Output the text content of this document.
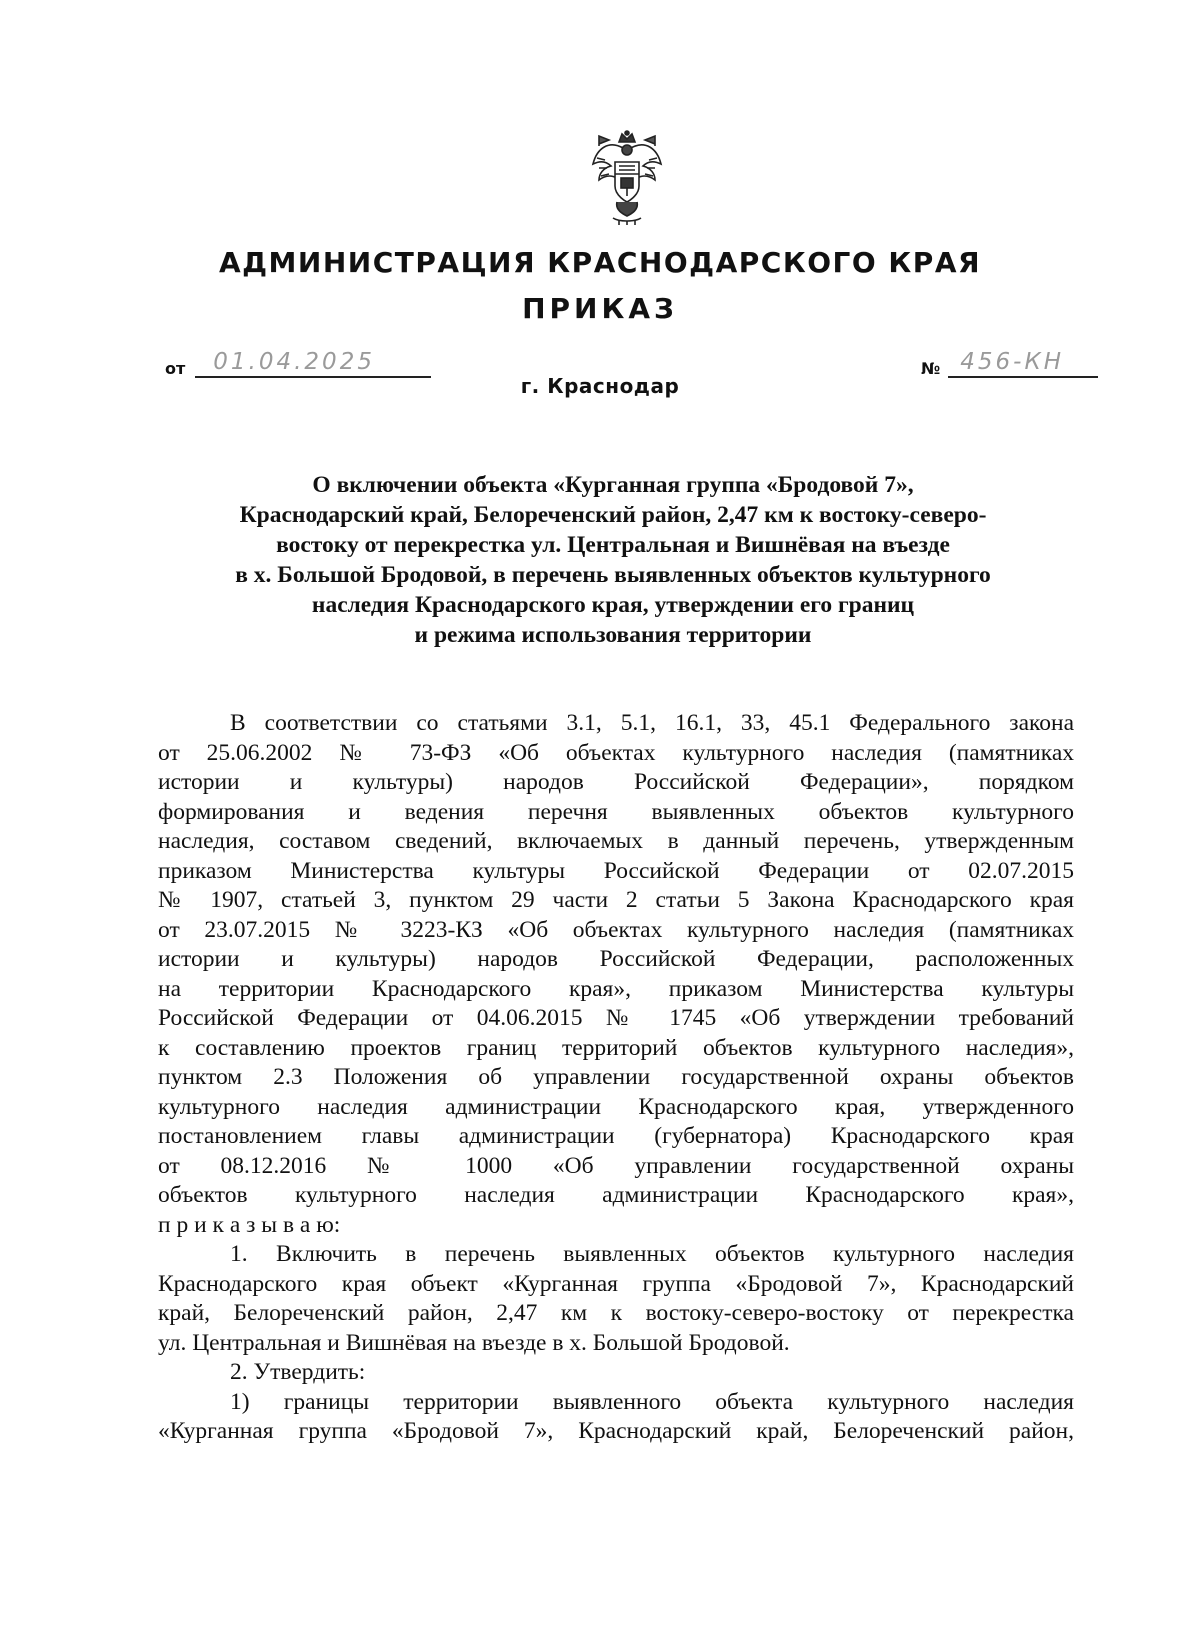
АДМИНИСТРАЦИЯ КРАСНОДАРСКОГО КРАЯ
ПРИКАЗ
от 01.04.2025	№ 456-КН
г. Краснодар
О включении объекта «Курганная группа «Бродовой 7»,
Краснодарский край, Белореченский район, 2,47 км к востоку-северо-
востоку от перекрестка ул. Центральная и Вишнёвая на въезде
в х. Большой Бродовой, в перечень выявленных объектов культурного
наследия Краснодарского края, утверждении его границ
и режима использования территории
В соответствии со статьями 3.1, 5.1, 16.1, 33, 45.1 Федерального закона
от 25.06.2002 № 73-ФЗ «Об объектах культурного наследия (памятниках
истории и культуры) народов Российской Федерации», порядком
формирования и ведения перечня выявленных объектов культурного
наследия, составом сведений, включаемых в данный перечень, утвержденным
приказом Министерства культуры Российской Федерации от 02.07.2015
№ 1907, статьей 3, пунктом 29 части 2 статьи 5 Закона Краснодарского края
от 23.07.2015 № 3223-КЗ «Об объектах культурного наследия (памятниках
истории и культуры) народов Российской Федерации, расположенных
на территории Краснодарского края», приказом Министерства культуры
Российской Федерации от 04.06.2015 № 1745 «Об утверждении требований
к составлению проектов границ территорий объектов культурного наследия»,
пунктом 2.3 Положения об управлении государственной охраны объектов
культурного наследия администрации Краснодарского края, утвержденного
постановлением главы администрации (губернатора) Краснодарского края
от 08.12.2016 № 1000 «Об управлении государственной охраны
объектов культурного наследия администрации Краснодарского края»,
п р и к а з ы в а ю:
1. Включить в перечень выявленных объектов культурного наследия
Краснодарского края объект «Курганная группа «Бродовой 7», Краснодарский
край, Белореченский район, 2,47 км к востоку-северо-востоку от перекрестка
ул. Центральная и Вишнёвая на въезде в х. Большой Бродовой.
2. Утвердить:
1) границы территории выявленного объекта культурного наследия
«Курганная группа «Бродовой 7», Краснодарский край, Белореченский район,
